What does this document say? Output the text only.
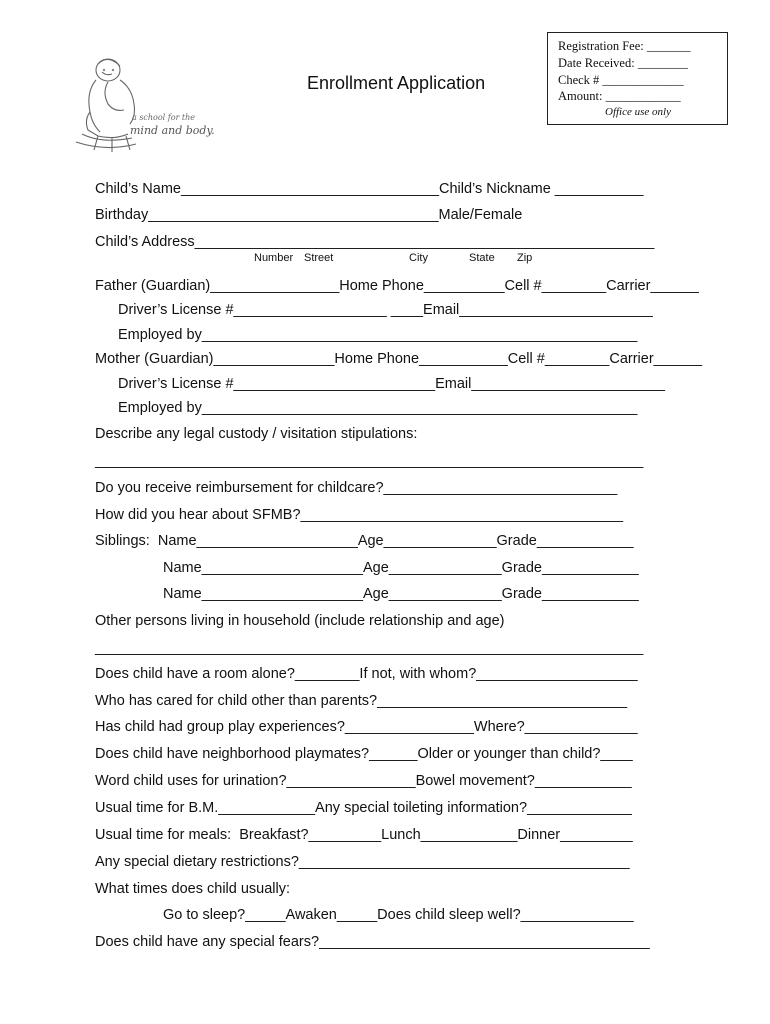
a school for the
mind and body.
Enrollment Application
Registration Fee: _______
Date Received: ________
Check # _____________
Amount: ____________
Office use only
Child’s Name________________________________Child’s Nickname ___________
Birthday____________________________________Male/Female
Child’s Address_________________________________________________________
Number Street	City	State Zip
Father (Guardian)________________Home Phone__________Cell #________Carrier______
Driver’s License #___________________ ____Email________________________
Employed by______________________________________________________
Mother (Guardian)_______________Home Phone___________Cell #________Carrier______
Driver’s License #_________________________Email________________________
Employed by______________________________________________________
Describe any legal custody / visitation stipulations:
____________________________________________________________________
Do you receive reimbursement for childcare?_____________________________
How did you hear about SFMB?________________________________________
Siblings:  Name____________________Age______________Grade____________
Name____________________Age______________Grade____________
Name____________________Age______________Grade____________
Other persons living in household (include relationship and age)
____________________________________________________________________
Does child have a room alone?________If not, with whom?____________________
Who has cared for child other than parents?_______________________________
Has child had group play experiences?________________Where?______________
Does child have neighborhood playmates?______Older or younger than child?____
Word child uses for urination?________________Bowel movement?____________
Usual time for B.M.____________Any special toileting information?_____________
Usual time for meals:  Breakfast?_________Lunch____________Dinner_________
Any special dietary restrictions?_________________________________________
What times does child usually:
Go to sleep?_____Awaken_____Does child sleep well?______________
Does child have any special fears?_________________________________________
